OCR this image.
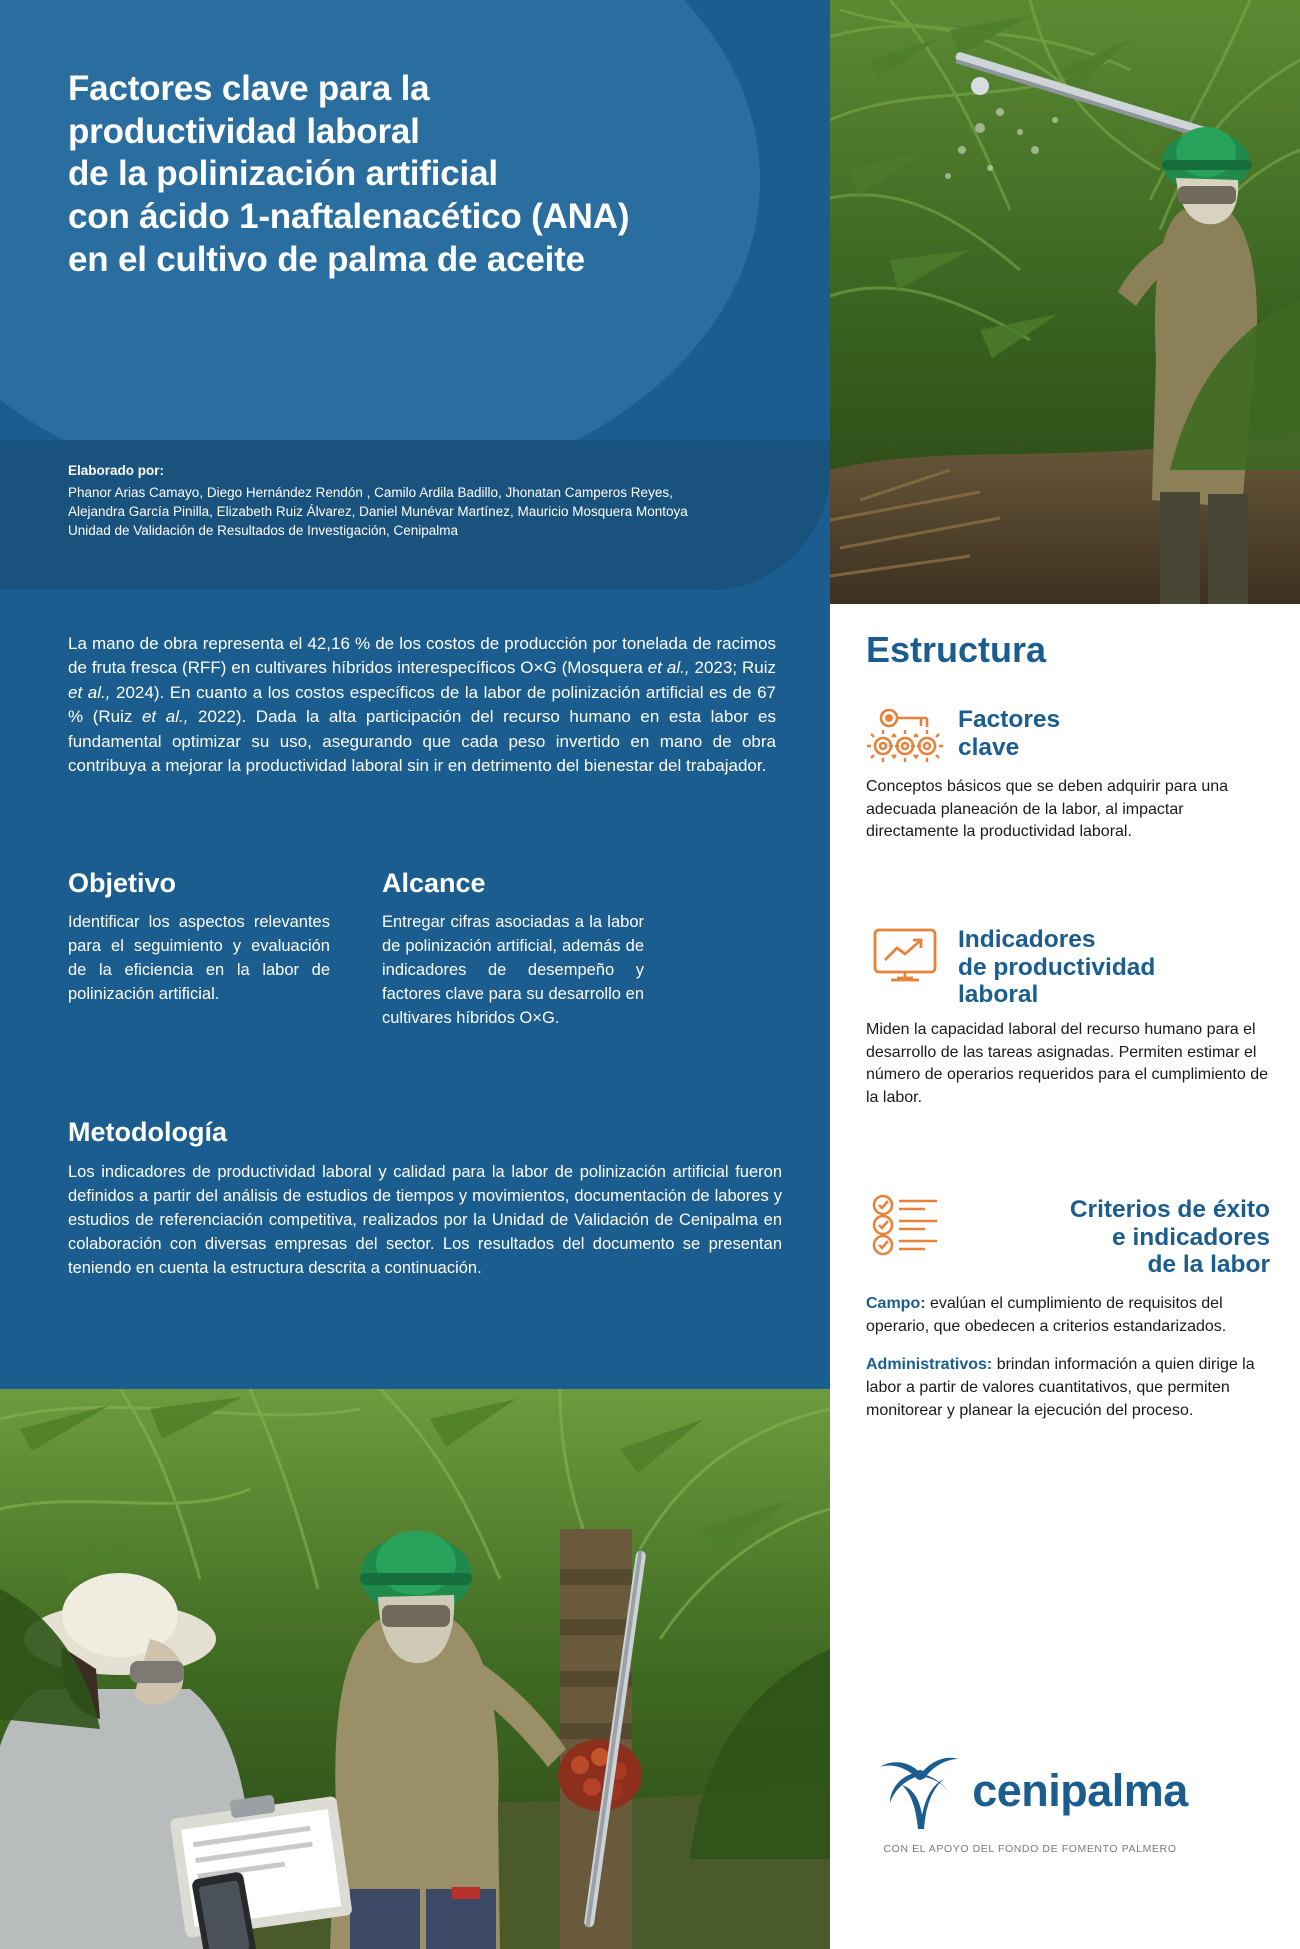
Factores clave para la
productividad laboral
de la polinización artificial
con ácido 1-naftalenacético (ANA)
en el cultivo de palma de aceite
Elaborado por:
Phanor Arias Camayo, Diego Hernández Rendón , Camilo Ardila Badillo, Jhonatan Camperos Reyes,
Alejandra García Pinilla, Elizabeth Ruiz Álvarez, Daniel Munévar Martínez, Mauricio Mosquera Montoya
Unidad de Validación de Resultados de Investigación, Cenipalma

La mano de obra representa el 42,16 % de los costos de producción por tonelada de racimos de fruta fresca (RFF) en cultivares híbridos interespecíficos O×G (Mosquera et al., 2023; Ruiz et al., 2024). En cuanto a los costos específicos de la labor de polinización artificial es de 67 % (Ruiz et al., 2022). Dada la alta participación del recurso humano en esta labor es fundamental optimizar su uso, asegurando que cada peso invertido en mano de obra contribuya a mejorar la productividad laboral sin ir en detrimento del bienestar del trabajador.

Objetivo

Identificar los aspectos relevantes para el seguimiento y evaluación de la eficiencia en la labor de polinización artificial.

Alcance

Entregar cifras asociadas a la labor de polinización artificial, además de indicadores de desempeño y factores clave para su desarrollo en cultivares híbridos O×G.

Metodología

Los indicadores de productividad laboral y calidad para la labor de polinización artificial fueron definidos a partir del análisis de estudios de tiempos y movimientos, documentación de labores y estudios de referenciación competitiva, realizados por la Unidad de Validación de Cenipalma en colaboración con diversas empresas del sector. Los resultados del documento se presentan teniendo en cuenta la estructura descrita a continuación.

Estructura
Factores
clave

Conceptos básicos que se deben adquirir para una adecuada planeación de la labor, al impactar directamente la productividad laboral.

Indicadores
de productividad
laboral

Miden la capacidad laboral del recurso humano para el desarrollo de las tareas asignadas. Permiten estimar el número de operarios requeridos para el cumplimiento de la labor.

Criterios de éxito
e indicadores
de la labor

Campo: evalúan el cumplimiento de requisitos del operario, que obedecen a criterios estandarizados.

Administrativos: brindan información a quien dirige la labor a partir de valores cuantitativos, que permiten monitorear y planear la ejecución del proceso.

cenipalma
CON EL APOYO DEL FONDO DE FOMENTO PALMERO
